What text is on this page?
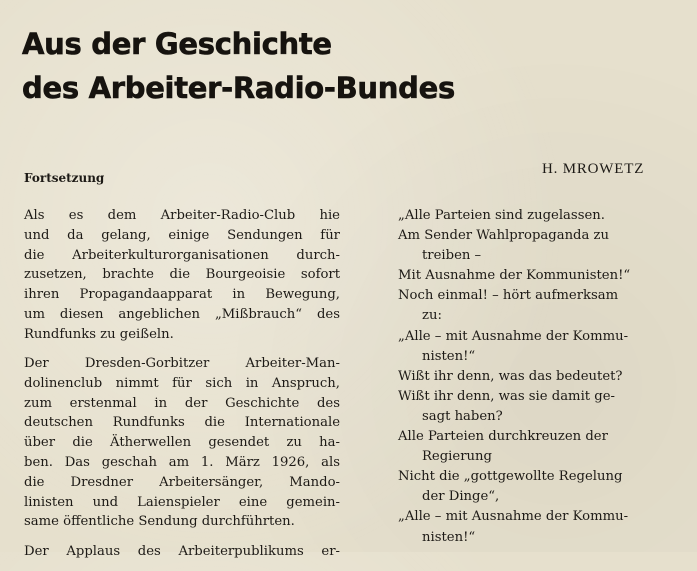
Aus der Geschichte
des Arbeiter-Radio-Bundes
Fortsetzung
H. MROWETZ
Als es dem Arbeiter-Radio-Club hie
und da gelang, einige Sendungen für
die Arbeiterkulturorganisationen durch-
zusetzen, brachte die Bourgeoisie sofort
ihren Propagandaapparat in Bewegung,
um diesen angeblichen „Mißbrauch“ des
Rundfunks zu geißeln.
Der Dresden-Gorbitzer Arbeiter-Man-
dolinenclub nimmt für sich in Anspruch,
zum erstenmal in der Geschichte des
deutschen Rundfunks die Internationale
über die Ätherwellen gesendet zu ha-
ben. Das geschah am 1. März 1926, als
die Dresdner Arbeitersänger, Mando-
linisten und Laienspieler eine gemein-
same öffentliche Sendung durchführten.
Der Applaus des Arbeiterpublikums er-
„Alle Parteien sind zugelassen.
Am Sender Wahlpropaganda zu
treiben –
Mit Ausnahme der Kommunisten!“
Noch einmal! – hört aufmerksam
zu:
„Alle – mit Ausnahme der Kommu-
nisten!“
Wißt ihr denn, was das bedeutet?
Wißt ihr denn, was sie damit ge-
sagt haben?
Alle Parteien durchkreuzen der
Regierung
Nicht die „gottgewollte Regelung
der Dinge“,
„Alle – mit Ausnahme der Kommu-
nisten!“
